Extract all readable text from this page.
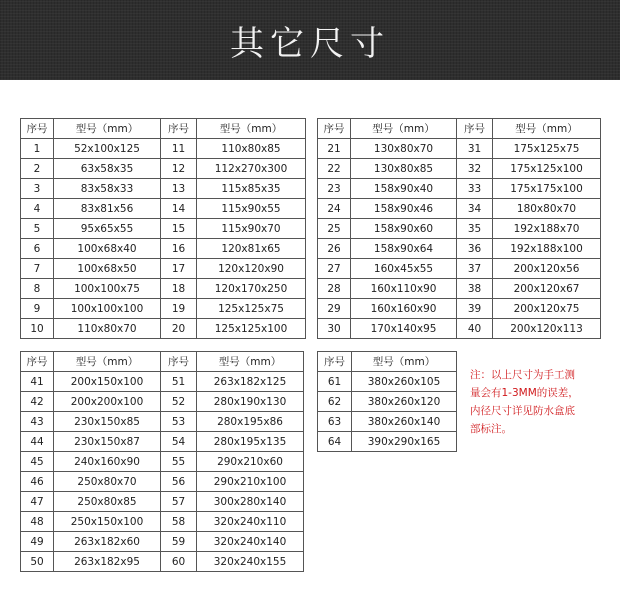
其它尺寸
序号	型号（mm）	序号	型号（mm）
1	52x100x125	11	110x80x85
2	63x58x35	12	112x270x300
3	83x58x33	13	115x85x35
4	83x81x56	14	115x90x55
5	95x65x55	15	115x90x70
6	100x68x40	16	120x81x65
7	100x68x50	17	120x120x90
8	100x100x75	18	120x170x250
9	100x100x100	19	125x125x75
10	110x80x70	20	125x125x100
序号	型号（mm）	序号	型号（mm）
21	130x80x70	31	175x125x75
22	130x80x85	32	175x125x100
23	158x90x40	33	175x175x100
24	158x90x46	34	180x80x70
25	158x90x60	35	192x188x70
26	158x90x64	36	192x188x100
27	160x45x55	37	200x120x56
28	160x110x90	38	200x120x67
29	160x160x90	39	200x120x75
30	170x140x95	40	200x120x113
序号	型号（mm）	序号	型号（mm）
41	200x150x100	51	263x182x125
42	200x200x100	52	280x190x130
43	230x150x85	53	280x195x86
44	230x150x87	54	280x195x135
45	240x160x90	55	290x210x60
46	250x80x70	56	290x210x100
47	250x80x85	57	300x280x140
48	250x150x100	58	320x240x110
49	263x182x60	59	320x240x140
50	263x182x95	60	320x240x155
序号	型号（mm）
61	380x260x105
62	380x260x120
63	380x260x140
64	390x290x165
注：以上尺寸为手工测
量会有1-3MM的误差，
内径尺寸详见防水盒底
部标注。
